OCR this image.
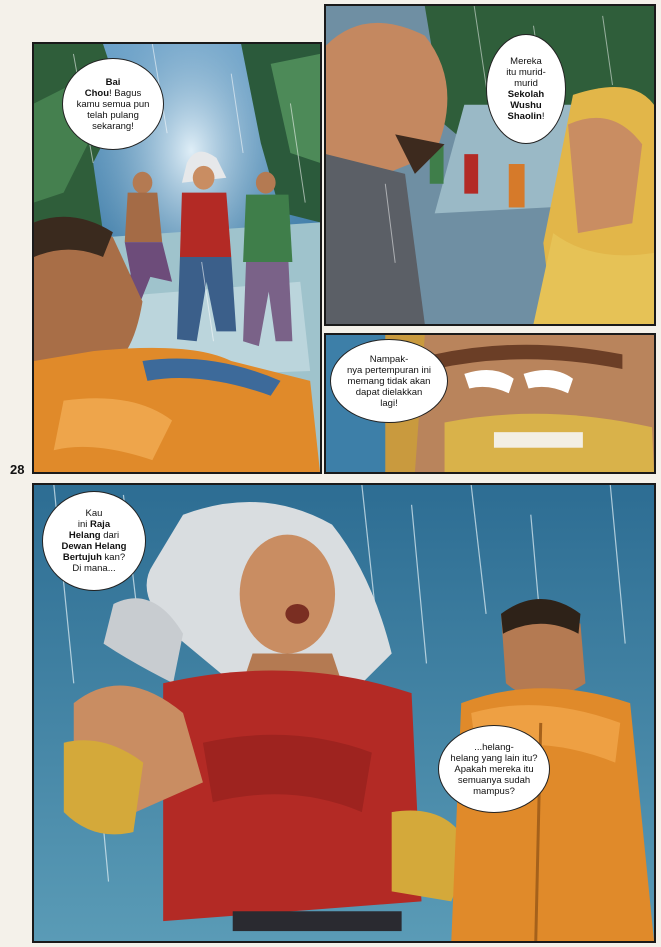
Bai
Chou! Bagus
kamu semua pun
telah pulang
sekarang!
Mereka
itu murid-
murid
Sekolah
Wushu
Shaolin!
Nampak-
nya pertempuran ini
memang tidak akan
dapat dielakkan
lagi!
28
Kau
ini Raja
Helang dari
Dewan Helang
Bertujuh kan?
Di mana...
...helang-
helang yang lain itu?
Apakah mereka itu
semuanya sudah
mampus?
